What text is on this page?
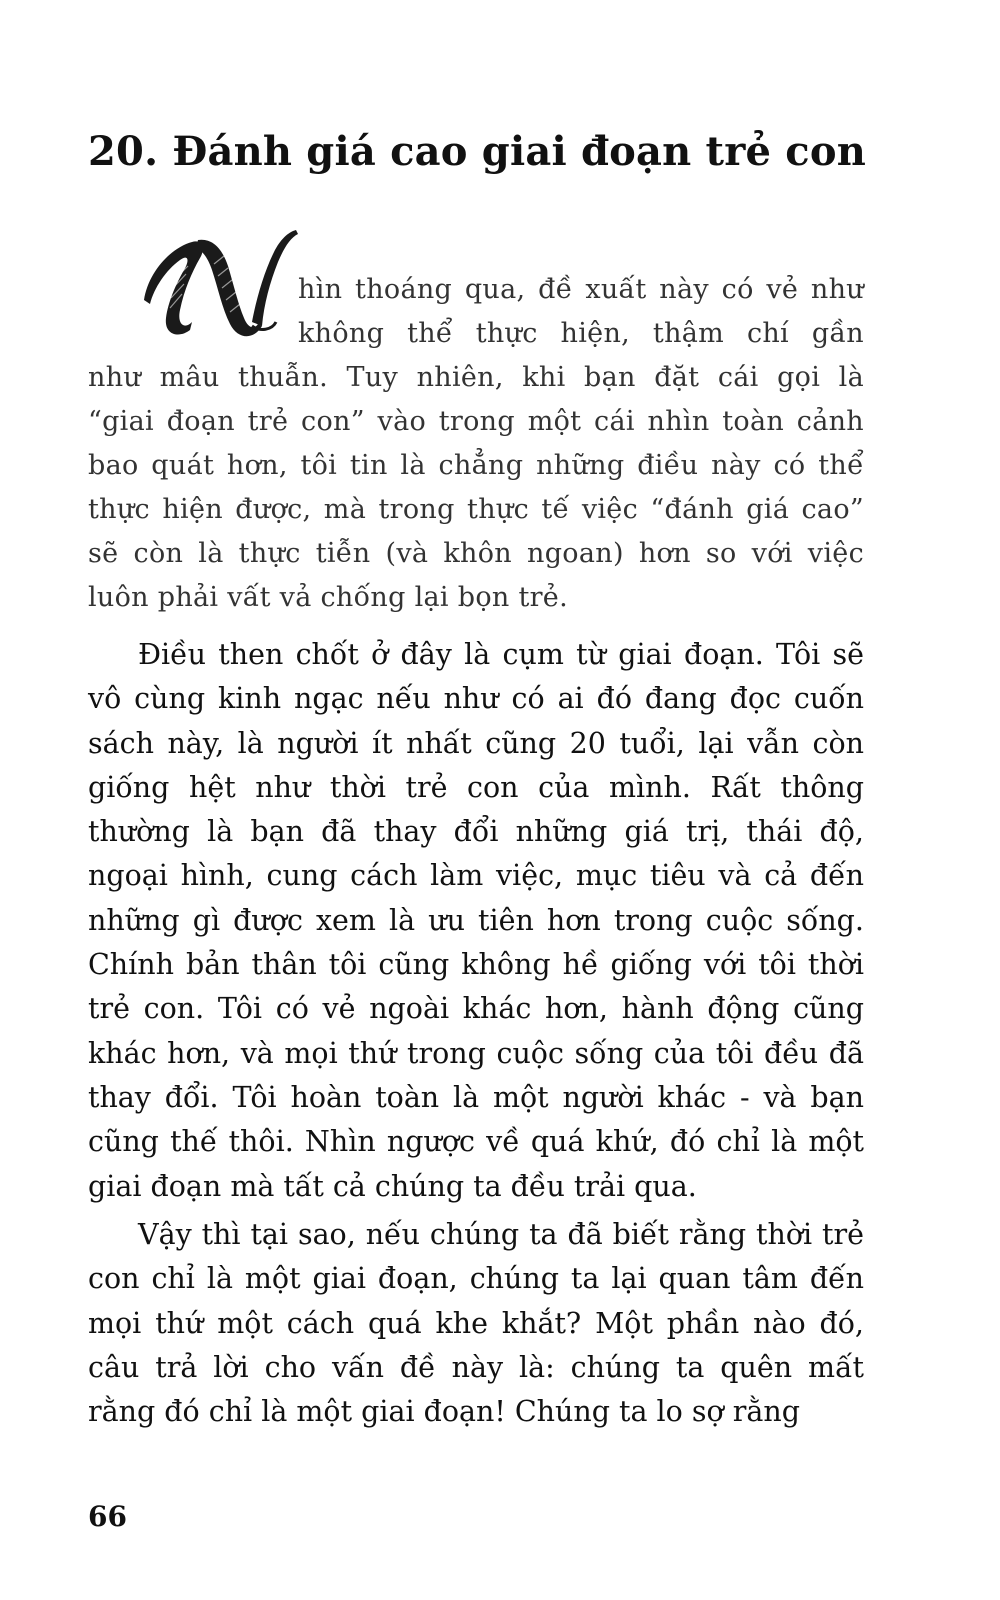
20. Đánh giá cao giai đoạn trẻ con
hìn thoáng qua, đề xuất này có vẻ như
không thể thực hiện, thậm chí gần
như mâu thuẫn. Tuy nhiên, khi bạn đặt cái gọi là
“giai đoạn trẻ con” vào trong một cái nhìn toàn cảnh
bao quát hơn, tôi tin là chẳng những điều này có thể
thực hiện được, mà trong thực tế việc “đánh giá cao”
sẽ còn là thực tiễn (và khôn ngoan) hơn so với việc
luôn phải vất vả chống lại bọn trẻ.

Điều then chốt ở đây là cụm từ giai đoạn. Tôi sẽ vô cùng kinh ngạc nếu như có ai đó đang đọc cuốn sách này, là người ít nhất cũng 20 tuổi, lại vẫn còn giống hệt như thời trẻ con của mình. Rất thông thường là bạn đã thay đổi những giá trị, thái độ, ngoại hình, cung cách làm việc, mục tiêu và cả đến những gì được xem là ưu tiên hơn trong cuộc sống. Chính bản thân tôi cũng không hề giống với tôi thời trẻ con. Tôi có vẻ ngoài khác hơn, hành động cũng khác hơn, và mọi thứ trong cuộc sống của tôi đều đã thay đổi. Tôi hoàn toàn là một người khác - và bạn cũng thế thôi. Nhìn ngược về quá khứ, đó chỉ là một giai đoạn mà tất cả chúng ta đều trải qua.

Vậy thì tại sao, nếu chúng ta đã biết rằng thời trẻ con chỉ là một giai đoạn, chúng ta lại quan tâm đến mọi thứ một cách quá khe khắt? Một phần nào đó, câu trả lời cho vấn đề này là: chúng ta quên mất rằng đó chỉ là một giai đoạn! Chúng ta lo sợ rằng

66
